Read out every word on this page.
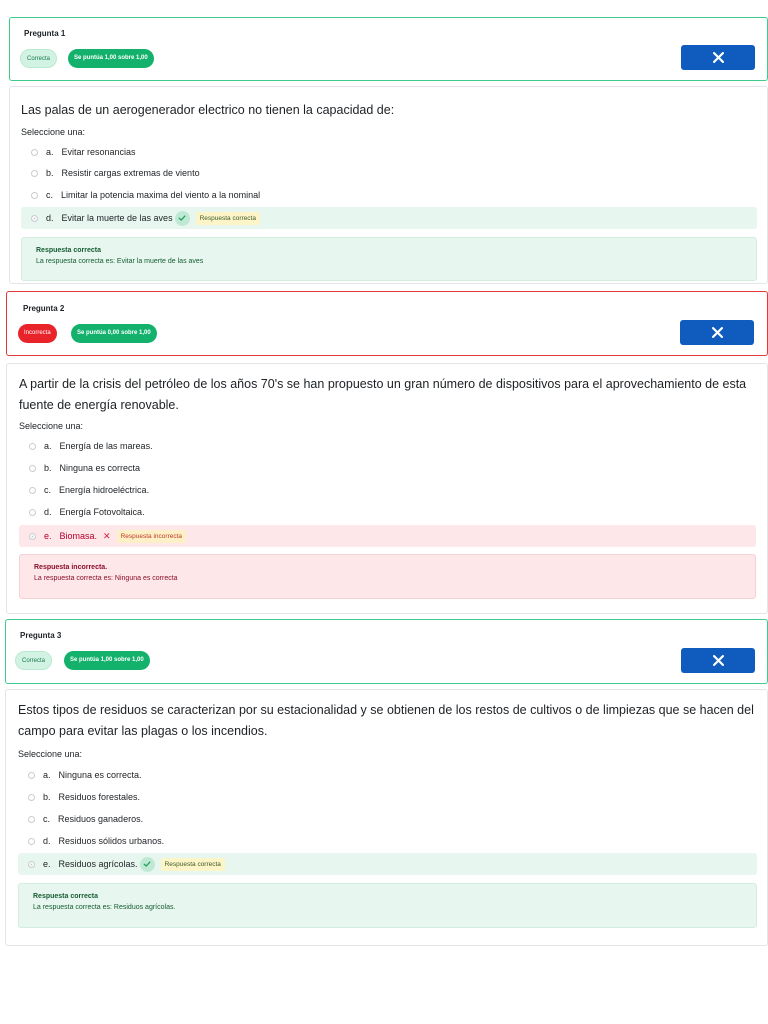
Pregunta 1
Correcta	Se puntúa 1,00 sobre 1,00
Las palas de un aerogenerador electrico no tienen la capacidad de:
Seleccione una:
a. Evitar resonancias
b. Resistir cargas extremas de viento
c. Limitar la potencia maxima del viento a la nominal
d. Evitar la muerte de las aves	Respuesta correcta
Respuesta correcta
La respuesta correcta es: Evitar la muerte de las aves
Pregunta 2
Incorrecta	Se puntúa 0,00 sobre 1,00
A partir de la crisis del petróleo de los años 70's se han propuesto un gran número de dispositivos para el aprovechamiento de esta fuente de energía renovable.
Seleccione una:
a. Energía de las mareas.
b. Ninguna es correcta
c. Energía hidroeléctrica.
d. Energía Fotovoltaica.
e. Biomasa. ✕	Respuesta incorrecta
Respuesta incorrecta.
La respuesta correcta es: Ninguna es correcta
Pregunta 3
Correcta	Se puntúa 1,00 sobre 1,00
Estos tipos de residuos se caracterizan por su estacionalidad y se obtienen de los restos de cultivos o de limpiezas que se hacen del campo para evitar las plagas o los incendios.
Seleccione una:
a. Ninguna es correcta.
b. Residuos forestales.
c. Residuos ganaderos.
d. Residuos sólidos urbanos.
e. Residuos agrícolas.	Respuesta correcta
Respuesta correcta
La respuesta correcta es: Residuos agrícolas.
